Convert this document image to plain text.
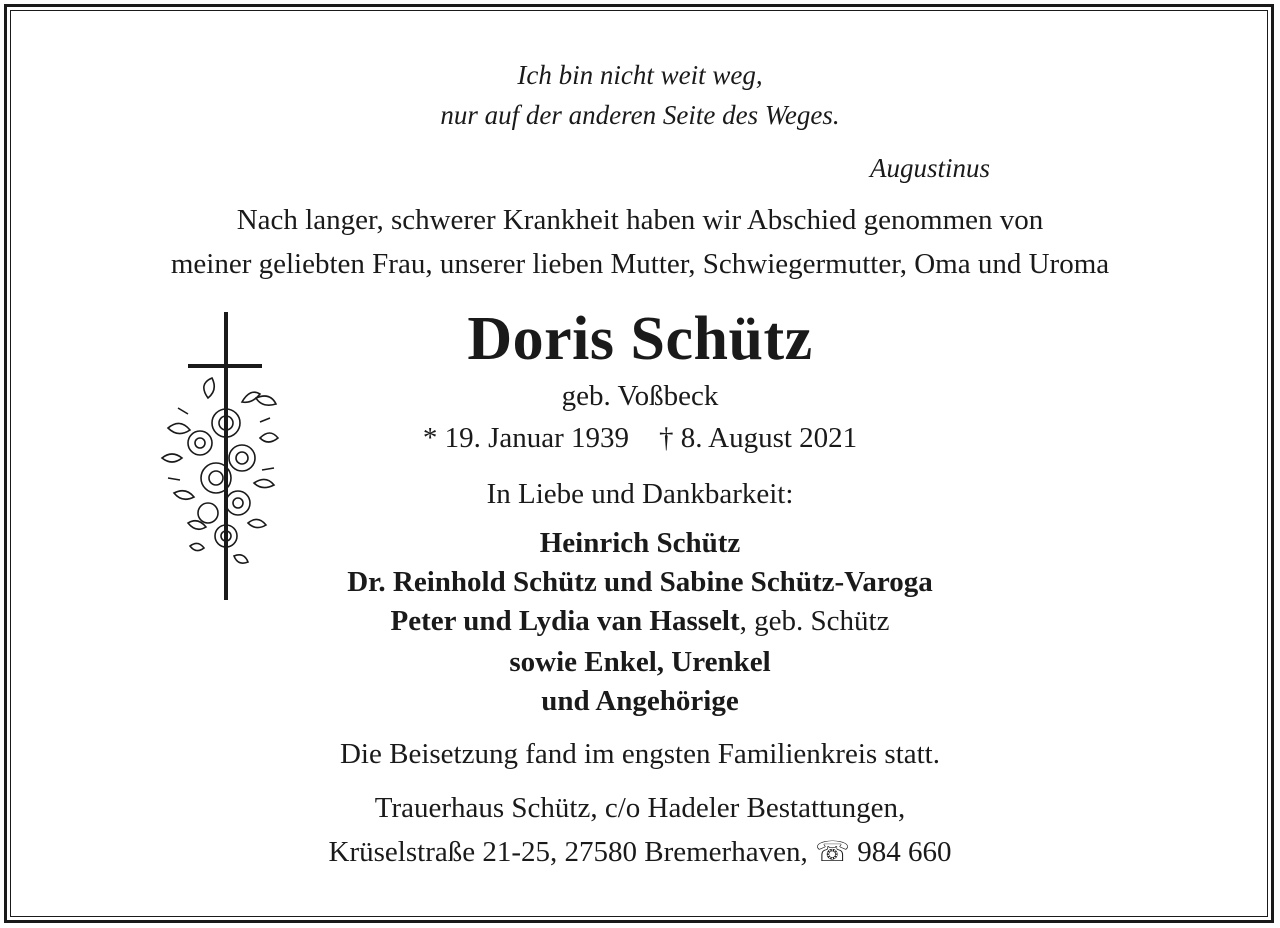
Ich bin nicht weit weg,
nur auf der anderen Seite des Weges.
Augustinus
Nach langer, schwerer Krankheit haben wir Abschied genommen von
meiner geliebten Frau, unserer lieben Mutter, Schwiegermutter, Oma und Uroma
Doris Schütz
geb. Voßbeck
* 19. Januar 1939 † 8. August 2021
In Liebe und Dankbarkeit:
Heinrich Schütz
Dr. Reinhold Schütz und Sabine Schütz-Varoga
Peter und Lydia van Hasselt, geb. Schütz
sowie Enkel, Urenkel
und Angehörige
Die Beisetzung fand im engsten Familienkreis statt.
Trauerhaus Schütz, c/o Hadeler Bestattungen,
Krüselstraße 21-25, 27580 Bremerhaven, ☏ 984 660
